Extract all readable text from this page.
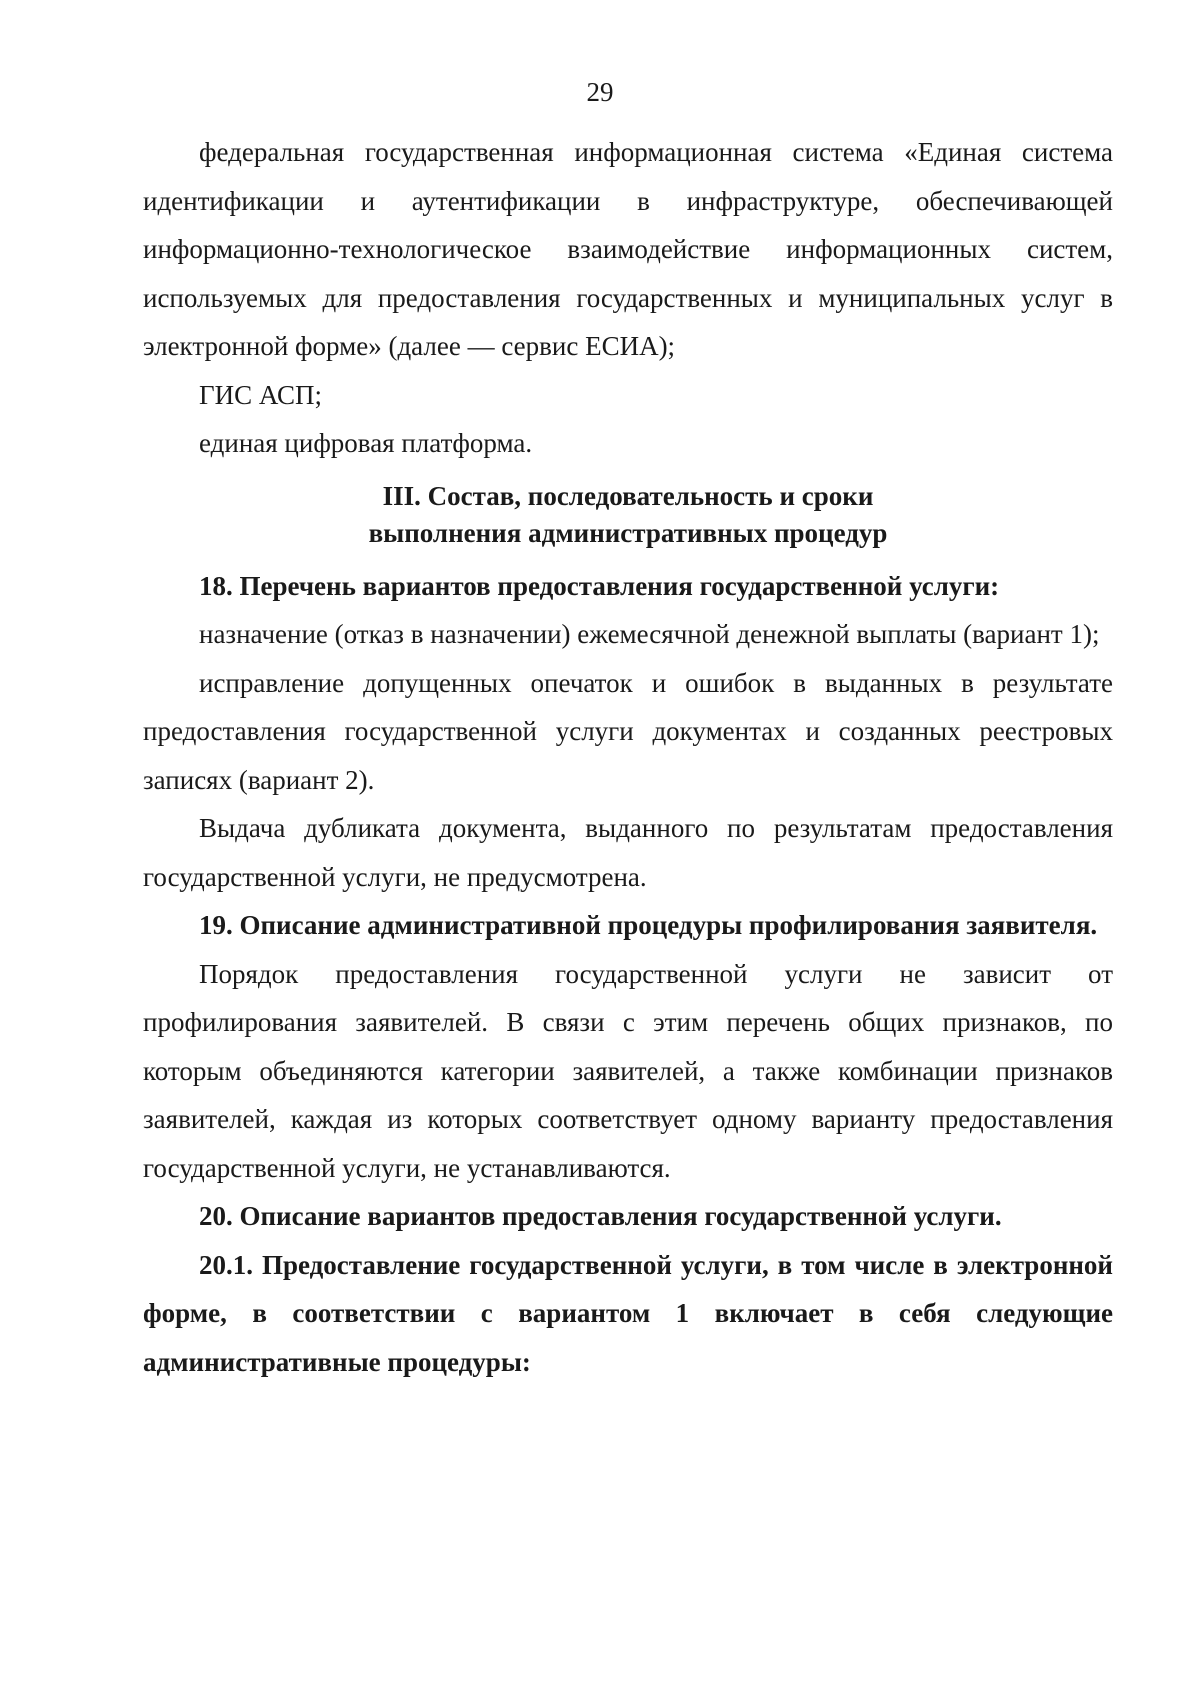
29

федеральная государственная информационная система «Единая система идентификации и аутентификации в инфраструктуре, обеспечивающей информационно-технологическое взаимодействие информационных систем, используемых для предоставления государственных и муниципальных услуг в электронной форме» (далее — сервис ЕСИА);

ГИС АСП;

единая цифровая платформа.

III. Состав, последовательность и сроки
выполнения административных процедур

18. Перечень вариантов предоставления государственной услуги:

назначение (отказ в назначении) ежемесячной денежной выплаты (вариант 1);

исправление допущенных опечаток и ошибок в выданных в результате предоставления государственной услуги документах и созданных реестровых записях (вариант 2).

Выдача дубликата документа, выданного по результатам предоставления государственной услуги, не предусмотрена.

19. Описание административной процедуры профилирования заявителя.

Порядок предоставления государственной услуги не зависит от профилирования заявителей. В связи с этим перечень общих признаков, по которым объединяются категории заявителей, а также комбинации признаков заявителей, каждая из которых соответствует одному варианту предоставления государственной услуги, не устанавливаются.

20. Описание вариантов предоставления государственной услуги.

20.1. Предоставление государственной услуги, в том числе в электронной форме, в соответствии с вариантом 1 включает в себя следующие административные процедуры:
